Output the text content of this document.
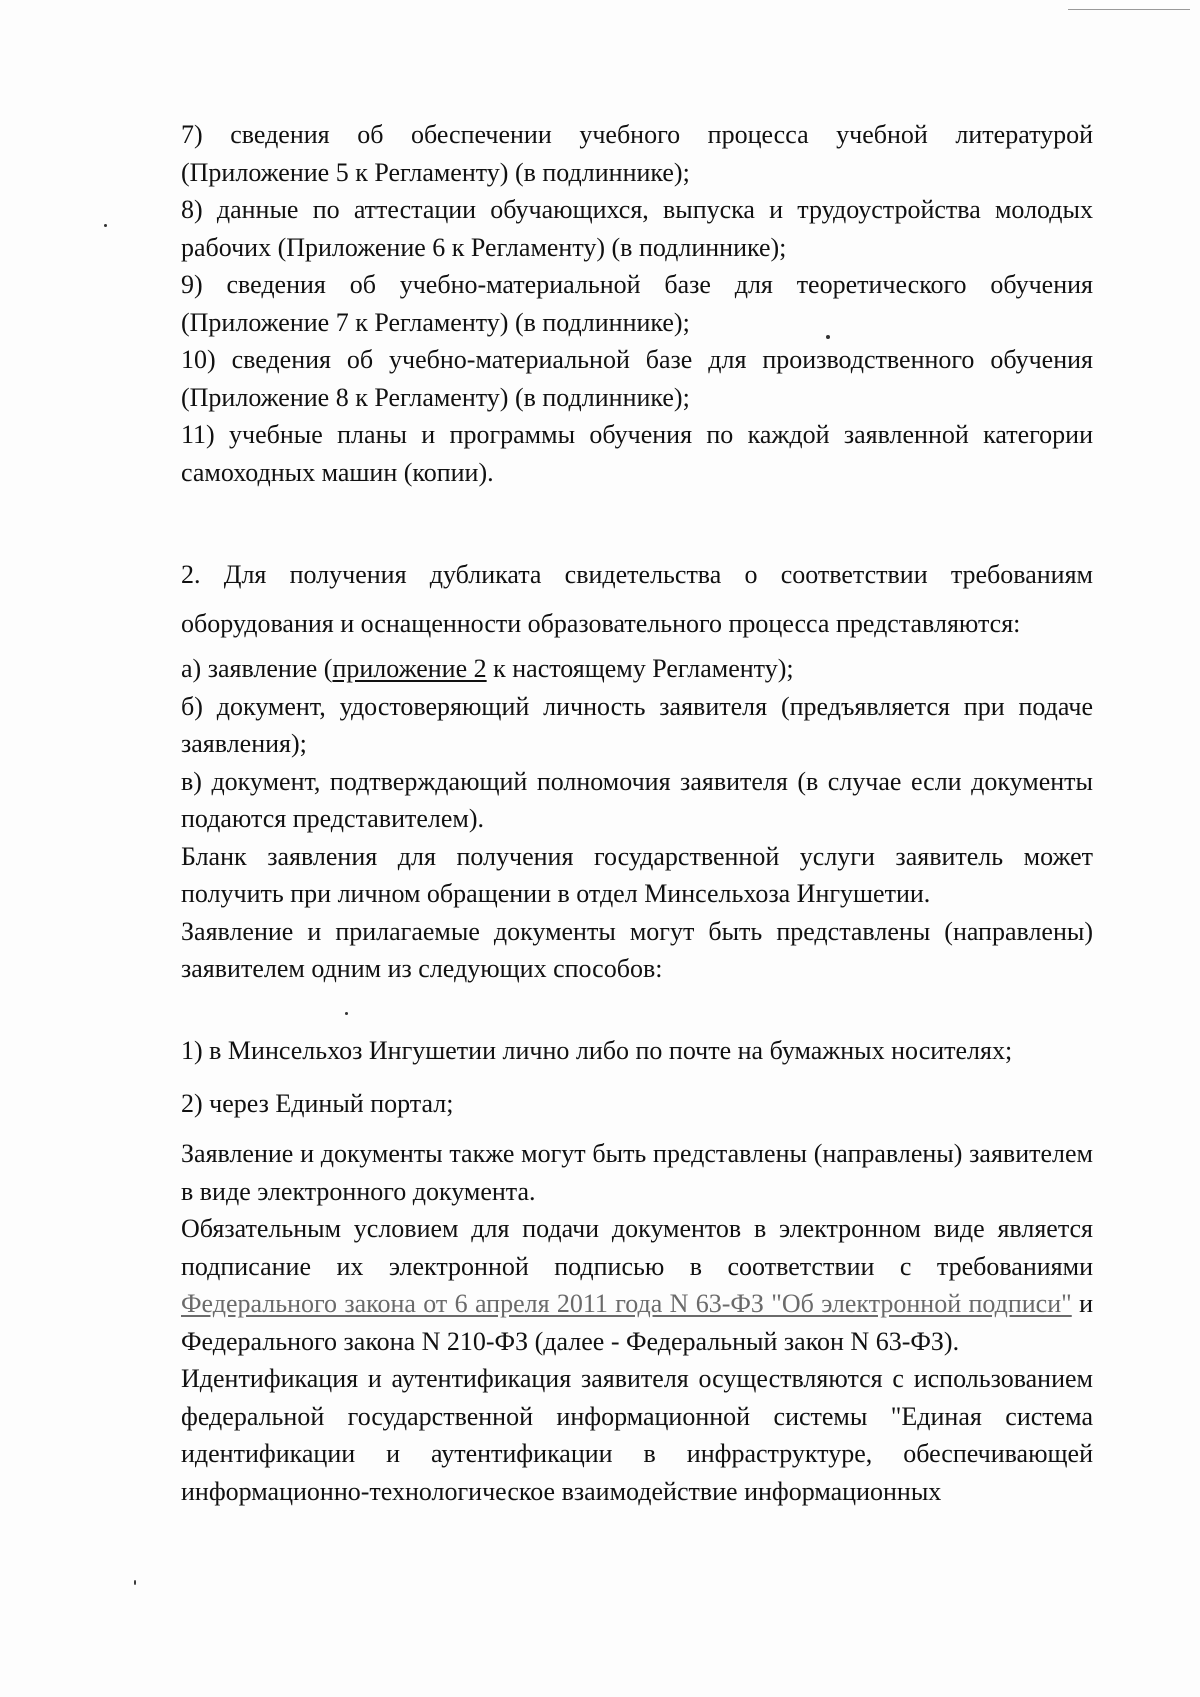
7) сведения об обеспечении учебного процесса учебной литературой (Приложение 5 к Регламенту) (в подлиннике);

8) данные по аттестации обучающихся, выпуска и трудоустройства молодых рабочих (Приложение 6 к Регламенту) (в подлиннике);

9) сведения об учебно-материальной базе для теоретического обучения (Приложение 7 к Регламенту) (в подлиннике);

10) сведения об учебно-материальной базе для производственного обучения (Приложение 8 к Регламенту) (в подлиннике);

11) учебные планы и программы обучения по каждой заявленной категории самоходных машин (копии).

2. Для получения дубликата свидетельства о соответствии требованиям оборудования и оснащенности образовательного процесса представляются:

а) заявление (приложение 2 к настоящему Регламенту);

б) документ, удостоверяющий личность заявителя (предъявляется при подаче заявления);

в) документ, подтверждающий полномочия заявителя (в случае если документы подаются представителем).

Бланк заявления для получения государственной услуги заявитель может получить при личном обращении в отдел Минсельхоза Ингушетии.

Заявление и прилагаемые документы могут быть представлены (направлены) заявителем одним из следующих способов:

1) в Минсельхоз Ингушетии лично либо по почте на бумажных носителях;

2) через Единый портал;

Заявление и документы также могут быть представлены (направлены) заявителем в виде электронного документа.

Обязательным условием для подачи документов в электронном виде является подписание их электронной подписью в соответствии с требованиями Федерального закона от 6 апреля 2011 года N 63-ФЗ "Об электронной подписи" и Федерального закона N 210-ФЗ (далее - Федеральный закон N 63-ФЗ).

Идентификация и аутентификация заявителя осуществляются с использованием федеральной государственной информационной системы "Единая система идентификации и аутентификации в инфраструктуре, обеспечивающей информационно-технологическое взаимодействие информационных
